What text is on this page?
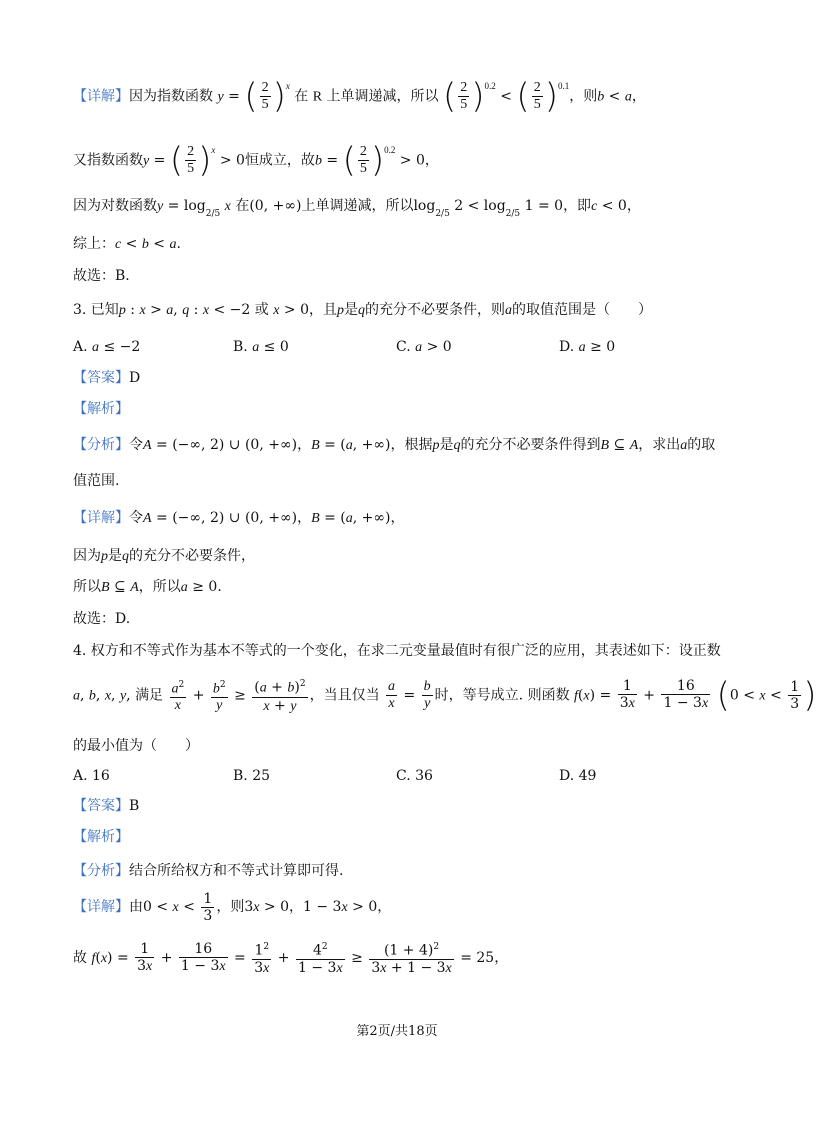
【详解】因为指数函数 y = ( $\frac{2}{5} )^x$ 在 R 上单调递减，所以 ( $\frac{2}{5} )^{0.2}$ < ( $\frac{2}{5} )^{0.1}$，则b < a，
又指数函数y = ( $\frac{2}{5} )^x > 0$恒成立，故b = ( $\frac{2}{5} )^{0.2} > 0$，
因为对数函数$y = \log_{2/5} x$ 在(0, +∞)上单调递减，所以$\log_{2/5} 2 < \log_{2/5} 1 = 0$，即c < 0，
综上：c < b < a.
故选：B.
3. 已知p : x > a, q : x < −2 或 x > 0，且p是q的充分不必要条件，则a的取值范围是（　　）
A. a ≤ −2	B. a ≤ 0	C. a > 0	D. a ≥ 0
【答案】D
【解析】
【分析】令A = (−∞, 2) ∪ (0, +∞)，B = (a, +∞)，根据p是q的充分不必要条件得到B ⊆ A，求出a的取
值范围.
【详解】令A = (−∞, 2) ∪ (0, +∞)，B = (a, +∞)，
因为p是q的充分不必要条件，
所以B ⊆ A，所以a ≥ 0.
故选：D.
4. 权方和不等式作为基本不等式的一个变化，在求二元变量最值时有很广泛的应用，其表述如下：设正数
a, b, x, y, 满足 $\frac{a^2}{x} + \frac{b^2}{y} \ge \frac{(a + b)^2}{x + y}$ ，当且仅当 $\frac{a}{x} = \frac{b}{y}$ 时，等号成立. 则函数 $f(x) = \frac{1}{3x} + \frac{16}{1 - 3x} (0 < x < \frac{1}{3}$ )
的最小值为（　　）
A. 16	B. 25	C. 36	D. 49
【答案】B
【解析】
【分析】结合所给权方和不等式计算即可得.
【详解】由$0 < x < \frac{1}{3}$ ，则3x > 0，1 − 3x > 0，
故 $f(x) = \frac{1}{3x} + \frac{16}{1 - 3x} = \frac{1^2}{3x} + \frac{4^2}{1 - 3x} \ge \frac{(1 + 4)^2}{3x + 1 - 3x} = 25$，
第2页/共18页
